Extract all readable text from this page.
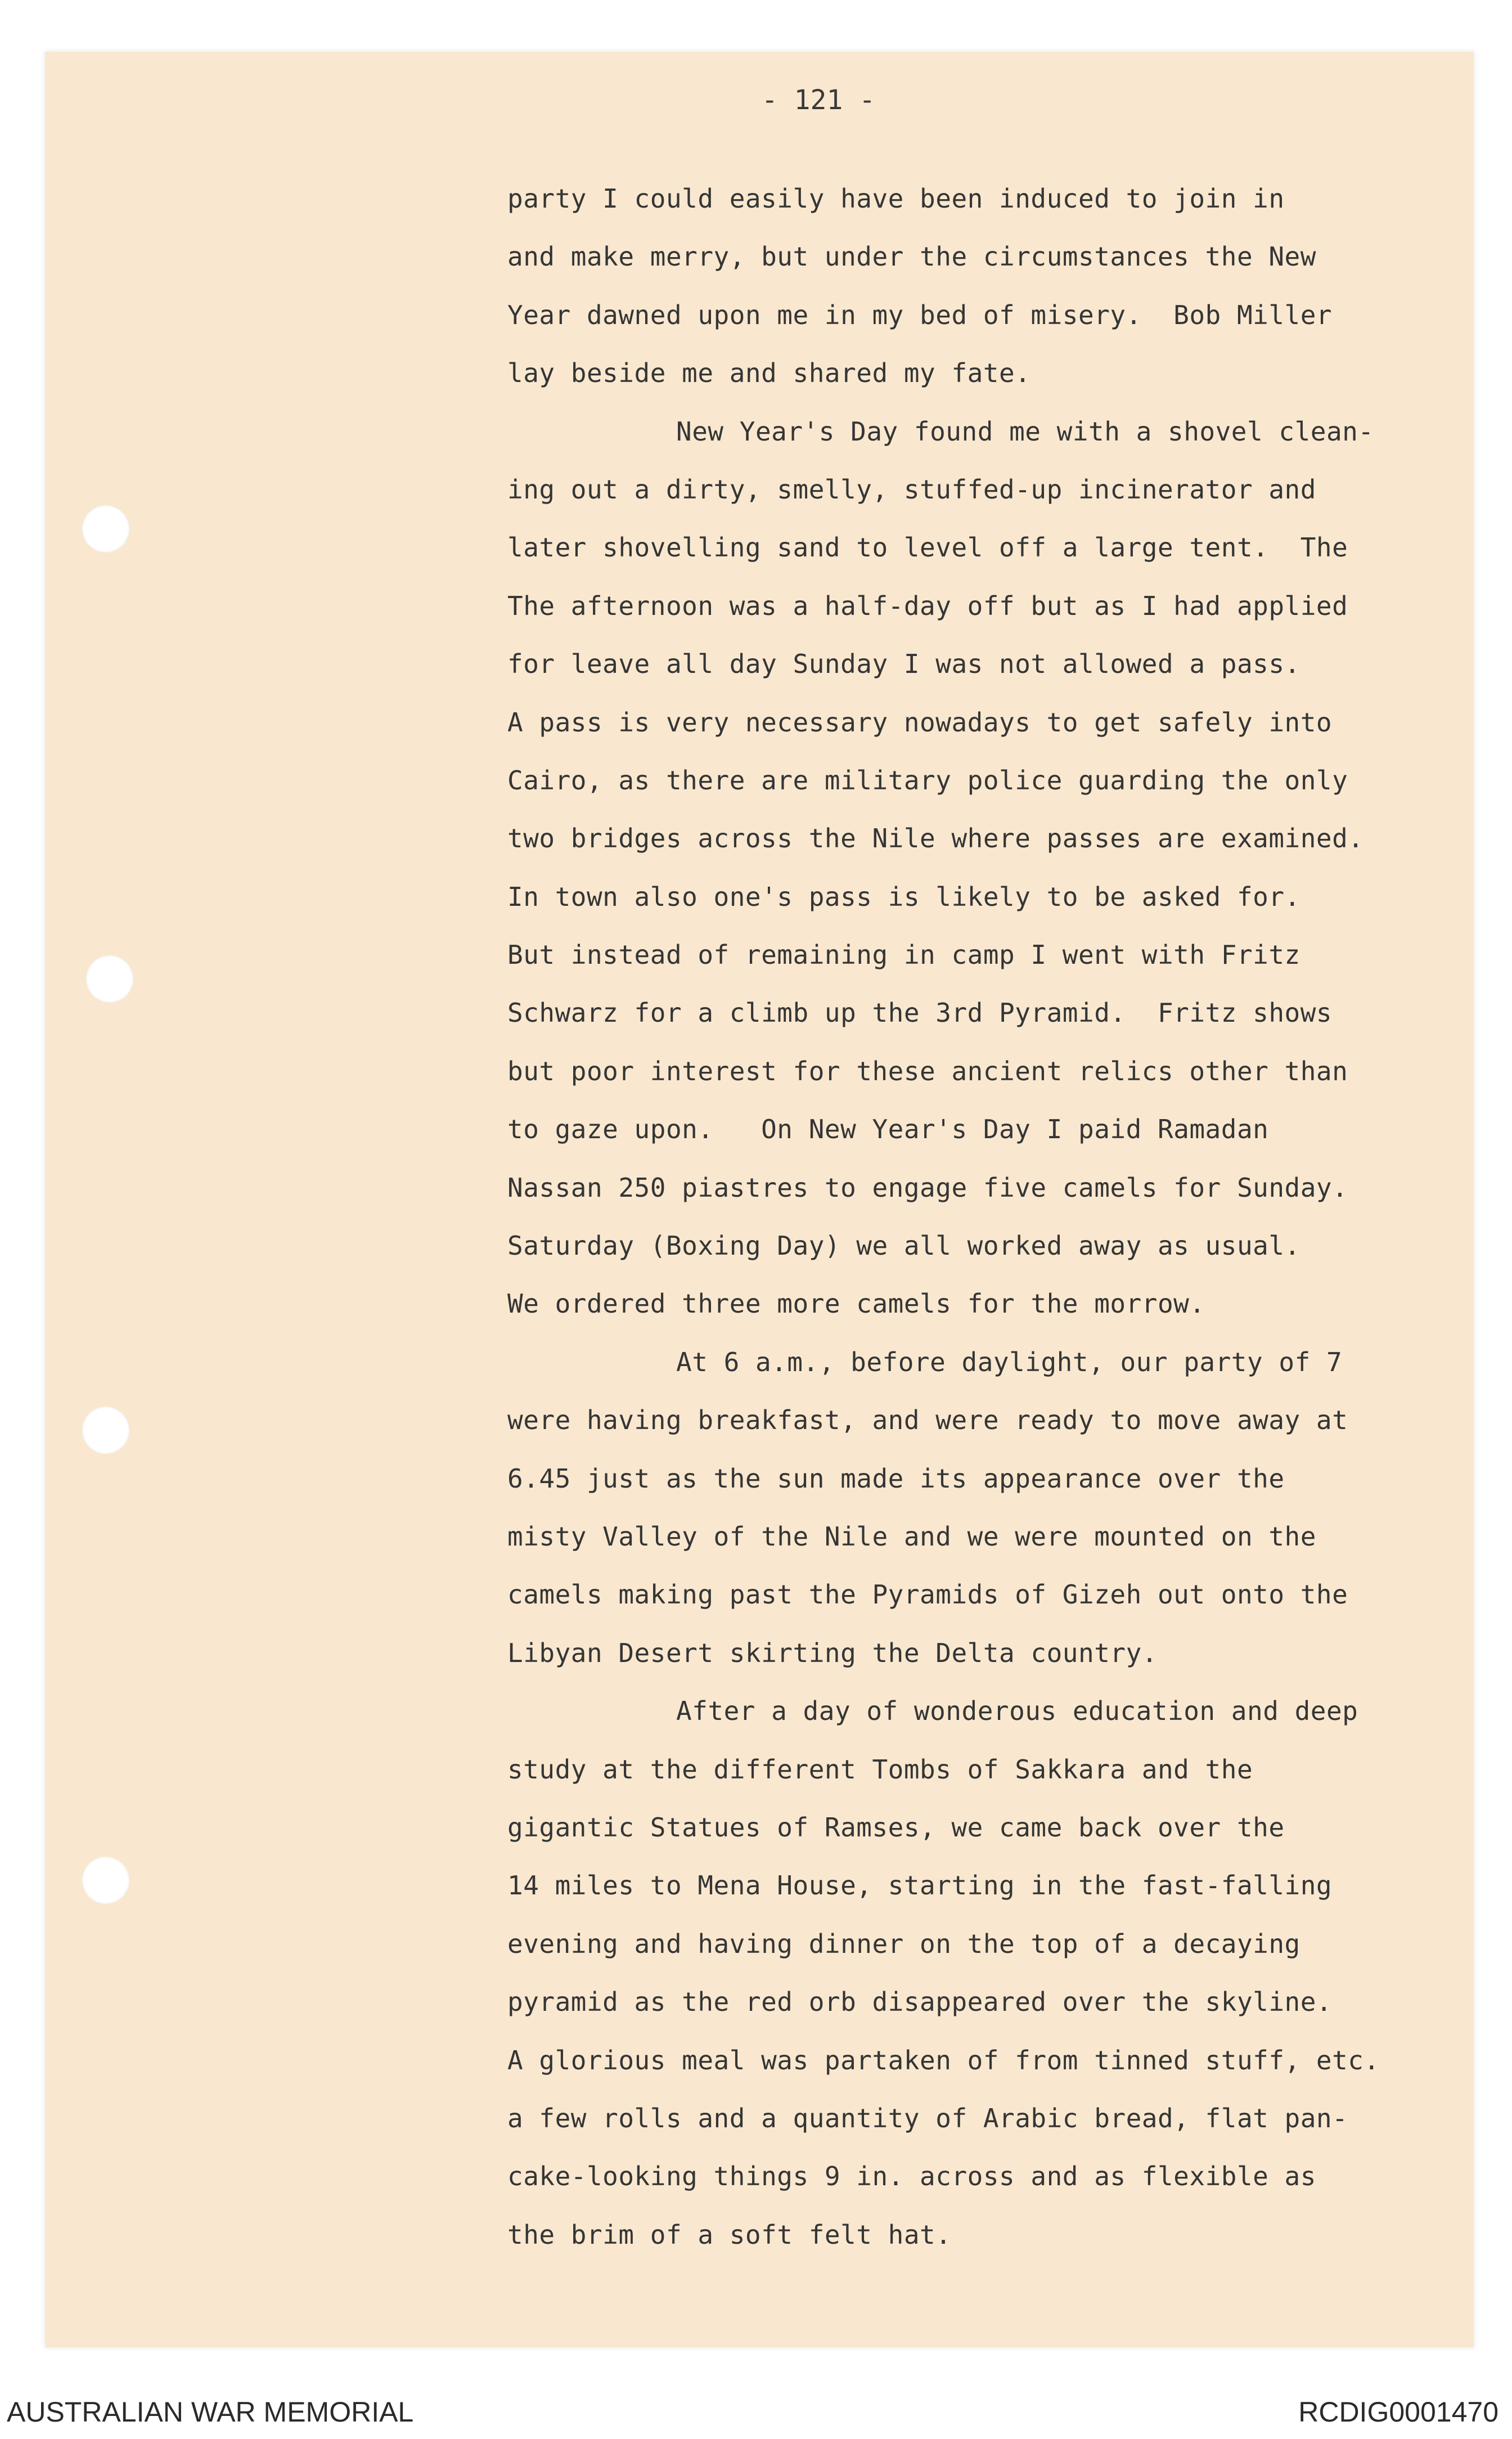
- 121 -

party I could easily have been induced to join in
and make merry, but under the circumstances the New
Year dawned upon me in my bed of misery.  Bob Miller
lay beside me and shared my fate.
New Year's Day found me with a shovel clean-
ing out a dirty, smelly, stuffed-up incinerator and
later shovelling sand to level off a large tent.  The
The afternoon was a half-day off but as I had applied
for leave all day Sunday I was not allowed a pass.
A pass is very necessary nowadays to get safely into
Cairo, as there are military police guarding the only
two bridges across the Nile where passes are examined.
In town also one's pass is likely to be asked for.
But instead of remaining in camp I went with Fritz
Schwarz for a climb up the 3rd Pyramid.  Fritz shows
but poor interest for these ancient relics other than
to gaze upon.   On New Year's Day I paid Ramadan
Nassan 250 piastres to engage five camels for Sunday.
Saturday (Boxing Day) we all worked away as usual.
We ordered three more camels for the morrow.
At 6 a.m., before daylight, our party of 7
were having breakfast, and were ready to move away at
6.45 just as the sun made its appearance over the
misty Valley of the Nile and we were mounted on the
camels making past the Pyramids of Gizeh out onto the
Libyan Desert skirting the Delta country.
After a day of wonderous education and deep
study at the different Tombs of Sakkara and the
gigantic Statues of Ramses, we came back over the
14 miles to Mena House, starting in the fast-falling
evening and having dinner on the top of a decaying
pyramid as the red orb disappeared over the skyline.
A glorious meal was partaken of from tinned stuff, etc.
a few rolls and a quantity of Arabic bread, flat pan-
cake-looking things 9 in. across and as flexible as
the brim of a soft felt hat.

AUSTRALIAN WAR MEMORIAL	RCDIG0001470
